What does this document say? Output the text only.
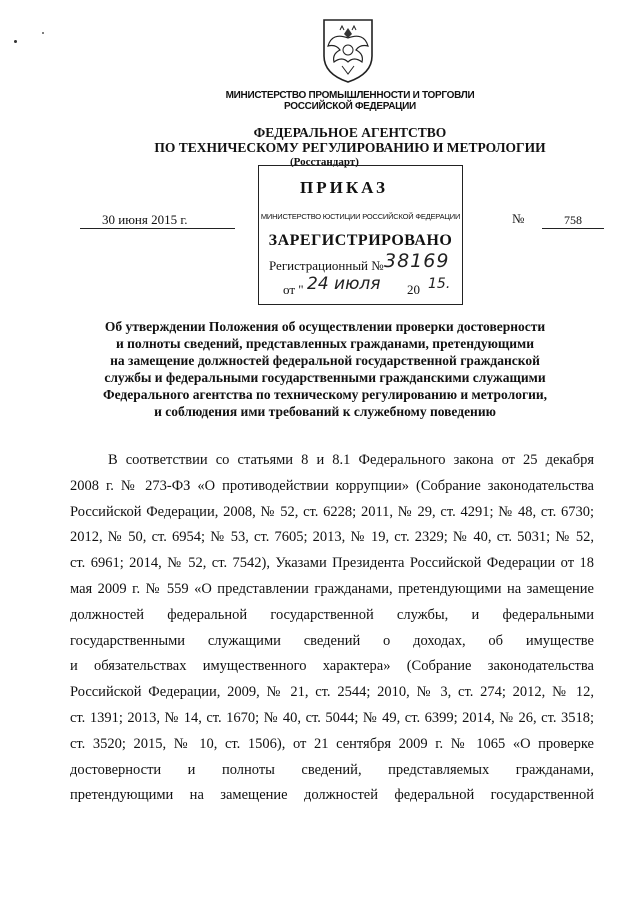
МИНИСТЕРСТВО ПРОМЫШЛЕННОСТИ И ТОРГОВЛИ
РОССИЙСКОЙ ФЕДЕРАЦИИ
ФЕДЕРАЛЬНОЕ АГЕНТСТВО
ПО ТЕХНИЧЕСКОМУ РЕГУЛИРОВАНИЮ И МЕТРОЛОГИИ
(Росстандарт)
ПРИКАЗ
МИНИСТЕРСТВО ЮСТИЦИИ РОССИЙСКОЙ ФЕДЕРАЦИИ
ЗАРЕГИСТРИРОВАНО
Регистрационный № 38169
от " 24 июля 20 15.
30 июня 2015 г.	№	758
Об утверждении Положения об осуществлении проверки достоверности
и полноты сведений, представленных гражданами, претендующими
на замещение должностей федеральной государственной гражданской
службы и федеральными государственными гражданскими служащими
Федерального агентства по техническому регулированию и метрологии,
и соблюдения ими требований к служебному поведению
В соответствии со статьями 8 и 8.1 Федерального закона от 25 декабря
2008 г. № 273-ФЗ «О противодействии коррупции» (Собрание законодательства
Российской Федерации, 2008, № 52, ст. 6228; 2011, № 29, ст. 4291; № 48, ст. 6730;
2012, № 50, ст. 6954; № 53, ст. 7605; 2013, № 19, ст. 2329; № 40, ст. 5031; № 52,
ст. 6961; 2014, № 52, ст. 7542), Указами Президента Российской Федерации от 18
мая 2009 г. № 559 «О представлении гражданами, претендующими на замещение
должностей федеральной государственной службы, и федеральными
государственными служащими сведений о доходах, об имуществе
и обязательствах имущественного характера» (Собрание законодательства
Российской Федерации, 2009, № 21, ст. 2544; 2010, № 3, ст. 274; 2012, № 12,
ст. 1391; 2013, № 14, ст. 1670; № 40, ст. 5044; № 49, ст. 6399; 2014, № 26, ст. 3518;
ст. 3520; 2015, № 10, ст. 1506), от 21 сентября 2009 г. № 1065 «О проверке
достоверности и полноты сведений, представляемых гражданами,
претендующими на замещение должностей федеральной государственной
